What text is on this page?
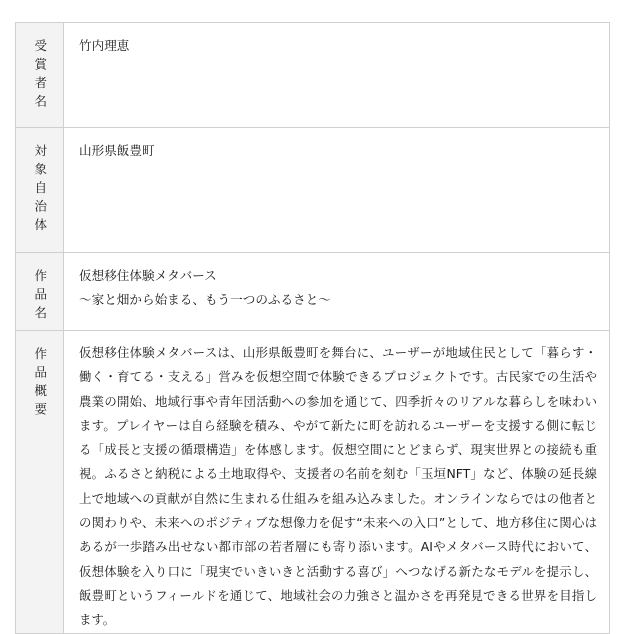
受賞者名	竹内理恵

対象自治体	山形県飯豊町

作品名	仮想移住体験メタバース
〜家と畑から始まる、もう一つのふるさと〜

作品概要	仮想移住体験メタバースは、山形県飯豊町を舞台に、ユーザーが地域住民として「暮らす・働く・育てる・支える」営みを仮想空間で体験できるプロジェクトです。古民家での生活や農業の開始、地域行事や青年団活動への参加を通じて、四季折々のリアルな暮らしを味わいます。プレイヤーは自ら経験を積み、やがて新たに町を訪れるユーザーを支援する側に転じる「成長と支援の循環構造」を体感します。仮想空間にとどまらず、現実世界との接続も重視。ふるさと納税による土地取得や、支援者の名前を刻む「玉垣NFT」など、体験の延長線上で地域への貢献が自然に生まれる仕組みを組み込みました。オンラインならではの他者との関わりや、未来へのポジティブな想像力を促す“未来への入口”として、地方移住に関心はあるが一歩踏み出せない都市部の若者層にも寄り添います。AIやメタバース時代において、仮想体験を入り口に「現実でいきいきと活動する喜び」へつなげる新たなモデルを提示し、飯豊町というフィールドを通じて、地域社会の力強さと温かさを再発見できる世界を目指します。
